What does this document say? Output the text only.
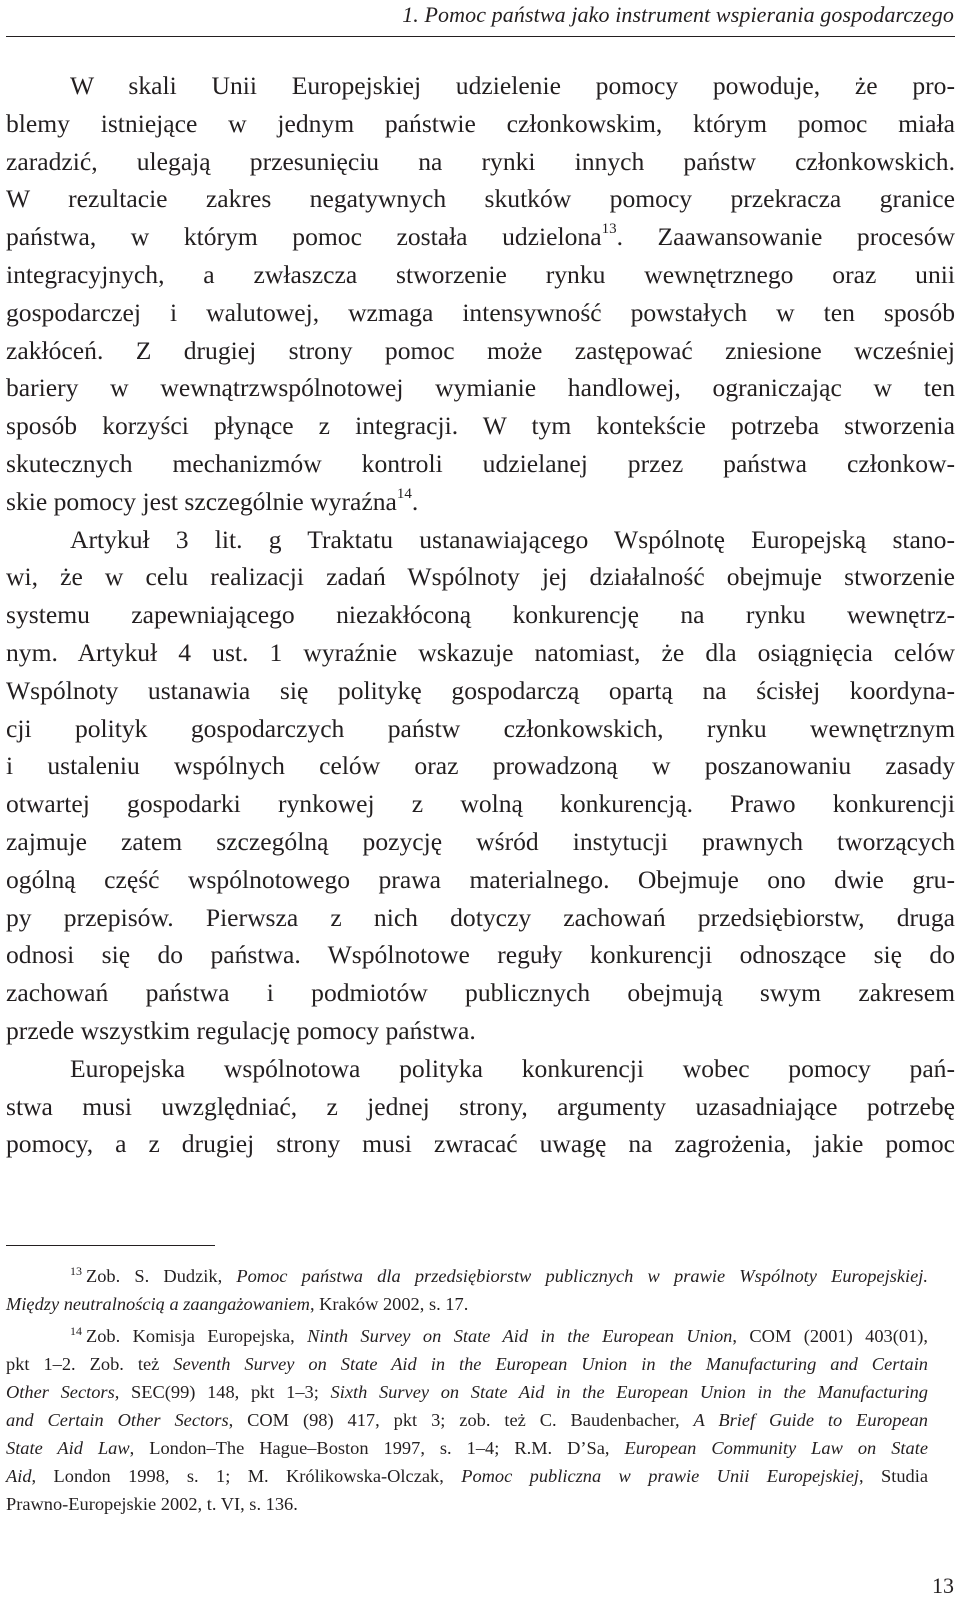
1. Pomoc państwa jako instrument wspierania gospodarczego

W skali Unii Europejskiej udzielenie pomocy powoduje, że pro-

blemy istniejące w jednym państwie członkowskim, którym pomoc miała

zaradzić, ulegają przesunięciu na rynki innych państw członkowskich.

W rezultacie zakres negatywnych skutków pomocy przekracza granice

państwa, w którym pomoc została udzielona$^{13}$. Zaawansowanie procesów

integracyjnych, a zwłaszcza stworzenie rynku wewnętrznego oraz unii

gospodarczej i walutowej, wzmaga intensywność powstałych w ten sposób

zakłóceń. Z drugiej strony pomoc może zastępować zniesione wcześniej

bariery w wewnątrzwspólnotowej wymianie handlowej, ograniczając w ten

sposób korzyści płynące z integracji. W tym kontekście potrzeba stworzenia

skutecznych mechanizmów kontroli udzielanej przez państwa członkow-

skie pomocy jest szczególnie wyraźna$^{14}$.

Artykuł 3 lit. g Traktatu ustanawiającego Wspólnotę Europejską stano-

wi, że w celu realizacji zadań Wspólnoty jej działalność obejmuje stworzenie

systemu zapewniającego niezakłóconą konkurencję na rynku wewnętrz-

nym. Artykuł 4 ust. 1 wyraźnie wskazuje natomiast, że dla osiągnięcia celów

Wspólnoty ustanawia się politykę gospodarczą opartą na ścisłej koordyna-

cji polityk gospodarczych państw członkowskich, rynku wewnętrznym

i ustaleniu wspólnych celów oraz prowadzoną w poszanowaniu zasady

otwartej gospodarki rynkowej z wolną konkurencją. Prawo konkurencji

zajmuje zatem szczególną pozycję wśród instytucji prawnych tworzących

ogólną część wspólnotowego prawa materialnego. Obejmuje ono dwie gru-

py przepisów. Pierwsza z nich dotyczy zachowań przedsiębiorstw, druga

odnosi się do państwa. Wspólnotowe reguły konkurencji odnoszące się do

zachowań państwa i podmiotów publicznych obejmują swym zakresem

przede wszystkim regulację pomocy państwa.

Europejska wspólnotowa polityka konkurencji wobec pomocy pań-

stwa musi uwzględniać, z jednej strony, argumenty uzasadniające potrzebę

pomocy, a z drugiej strony musi zwracać uwagę na zagrożenia, jakie pomoc

$^{13}$ Zob. S. Dudzik, Pomoc państwa dla przedsiębiorstw publicznych w prawie Wspólnoty Europejskiej.

Między neutralnością a zaangażowaniem, Kraków 2002, s. 17.

$^{14}$ Zob. Komisja Europejska, Ninth Survey on State Aid in the European Union, COM (2001) 403(01),

pkt 1–2. Zob. też Seventh Survey on State Aid in the European Union in the Manufacturing and Certain

Other Sectors, SEC(99) 148, pkt 1–3; Sixth Survey on State Aid in the European Union in the Manufacturing

and Certain Other Sectors, COM (98) 417, pkt 3; zob. też C. Baudenbacher, A Brief Guide to European

State Aid Law, London–The Hague–Boston 1997, s. 1–4; R.M. D’Sa, European Community Law on State

Aid, London 1998, s. 1; M. Królikowska-Olczak, Pomoc publiczna w prawie Unii Europejskiej, Studia

Prawno-Europejskie 2002, t. VI, s. 136.

13
